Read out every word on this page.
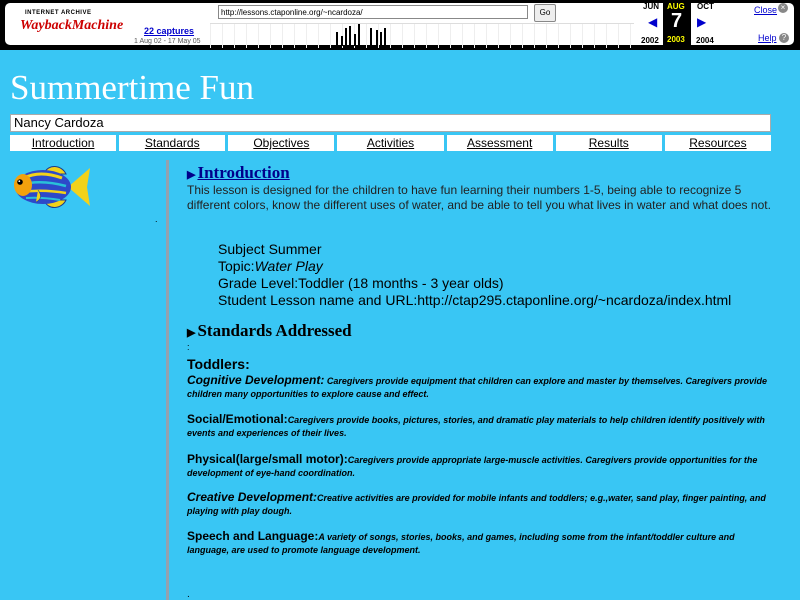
INTERNET ARCHIVE
WaybackMachine
http://lessons.ctaponline.org/~ncardoza/	Go
22 captures
1 Aug 02 - 17 May 05
JUN	OCT
◀	▶
2002	2004
AUG
7
2003
Close ×
Help ?
Summertime Fun
Nancy Cardoza
Introduction	Standards	Objectives	Activities	Assessment	Results	Resources
.
▶ Introduction
This lesson is designed for the children to have fun learning their numbers 1-5, being able to recognize 5 different colors, know the different uses of water, and be able to tell you what lives in water and what does not.
Subject Summer
Topic:Water Play
Grade Level:Toddler (18 months - 3 year olds)
Student Lesson name and URL:http://ctap295.ctaponline.org/~ncardoza/index.html
▶ Standards Addressed
:
Toddlers:
Cognitive Development: Caregivers provide equipment that children can explore and master by themselves. Caregivers provide children many opportunities to explore cause and effect.
Social/Emotional:Caregivers provide books, pictures, stories, and dramatic play materials to help children identify positively with events and experiences of their lives.
Physical(large/small motor):Caregivers provide appropriate large-muscle activities. Caregivers provide opportunities for the development of eye-hand coordination.
Creative Development:Creative activities are provided for mobile infants and toddlers; e.g.,water, sand play, finger painting, and playing with play dough.
Speech and Language:A variety of songs, stories, books, and games, including some from the infant/toddler culture and language, are used to promote language development.
.
